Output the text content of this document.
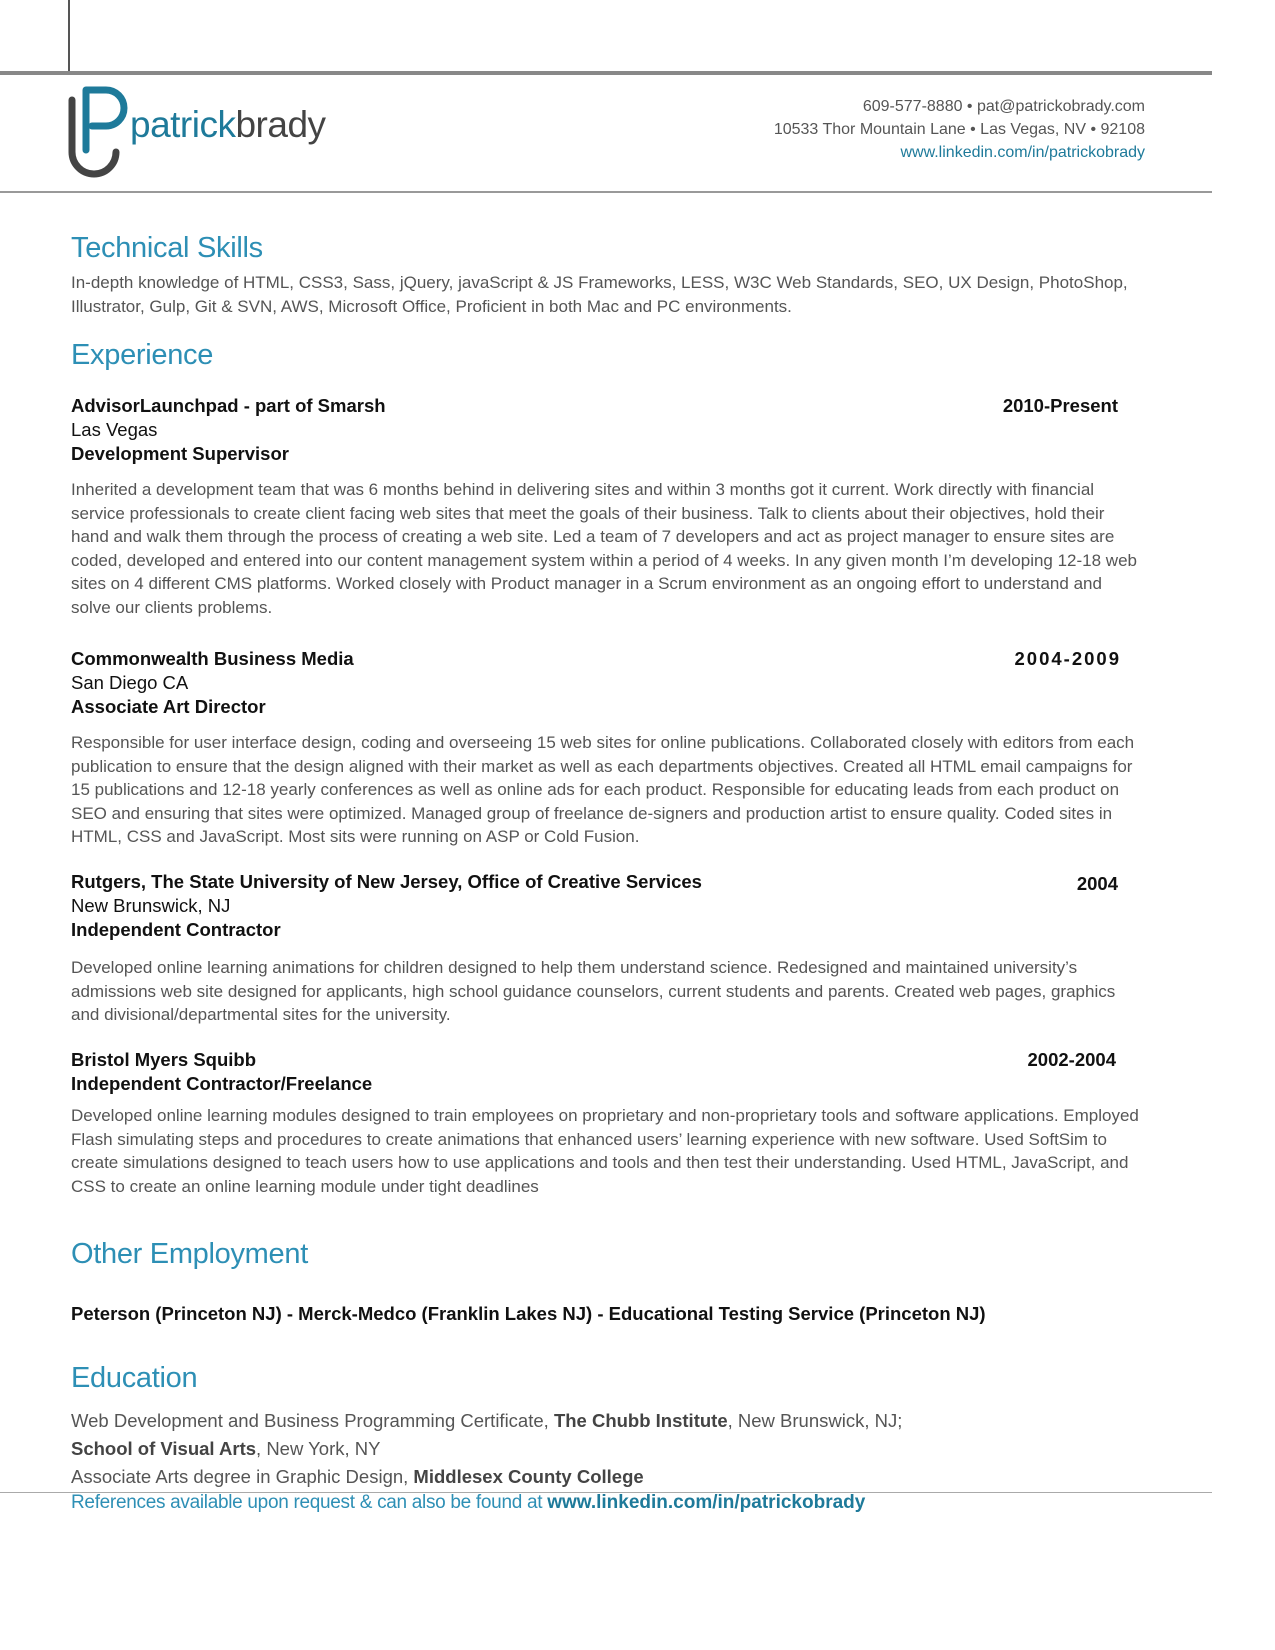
patrickbrady	609-577-8880 • pat@patrickobrady.com
10533 Thor Mountain Lane • Las Vegas, NV • 92108
www.linkedin.com/in/patrickobrady
Technical Skills

In-depth knowledge of HTML, CSS3, Sass, jQuery, javaScript & JS Frameworks, LESS, W3C Web Standards, SEO, UX Design, PhotoShop, Illustrator, Gulp, Git & SVN, AWS, Microsoft Office, Proficient in both Mac and PC environments.

Experience
AdvisorLaunchpad - part of Smarsh
Las Vegas
Development Supervisor
2010-Present

Inherited a development team that was 6 months behind in delivering sites and within 3 months got it current. Work directly with financial service professionals to create client facing web sites that meet the goals of their business. Talk to clients about their objectives, hold their hand and walk them through the process of creating a web site. Led a team of 7 developers and act as project manager to ensure sites are coded, developed and entered into our content management system within a period of 4 weeks. In any given month I’m developing 12-18 web sites on 4 different CMS platforms. Worked closely with Product manager in a Scrum environment as an ongoing effort to understand and solve our clients problems.

Commonwealth Business Media
San Diego CA
Associate Art Director
2004-2009

Responsible for user interface design, coding and overseeing 15 web sites for online publications. Collaborated closely with editors from each publication to ensure that the design aligned with their market as well as each departments objectives. Created all HTML email campaigns for 15 publications and 12-18 yearly conferences as well as online ads for each product. Responsible for educating leads from each product on SEO and ensuring that sites were optimized. Managed group of freelance de-signers and production artist to ensure quality. Coded sites in HTML, CSS and JavaScript. Most sits were running on ASP or Cold Fusion.

Rutgers, The State University of New Jersey, Office of Creative Services
New Brunswick, NJ
Independent Contractor
2004

Developed online learning animations for children designed to help them understand science. Redesigned and maintained university’s admissions web site designed for applicants, high school guidance counselors, current students and parents. Created web pages, graphics and divisional/departmental sites for the university.

Bristol Myers Squibb
Independent Contractor/Freelance
2002-2004

Developed online learning modules designed to train employees on proprietary and non-proprietary tools and software applications. Employed Flash simulating steps and procedures to create animations that enhanced users’ learning experience with new software. Used SoftSim to create simulations designed to teach users how to use applications and tools and then test their understanding. Used HTML, JavaScript, and CSS to create an online learning module under tight deadlines

Other Employment
Peterson (Princeton NJ) - Merck-Medco (Franklin Lakes NJ) - Educational Testing Service (Princeton NJ)
Education
Web Development and Business Programming Certificate, The Chubb Institute, New Brunswick, NJ;
School of Visual Arts, New York, NY
Associate Arts degree in Graphic Design, Middlesex County College
References available upon request & can also be found at www.linkedin.com/in/patrickobrady
